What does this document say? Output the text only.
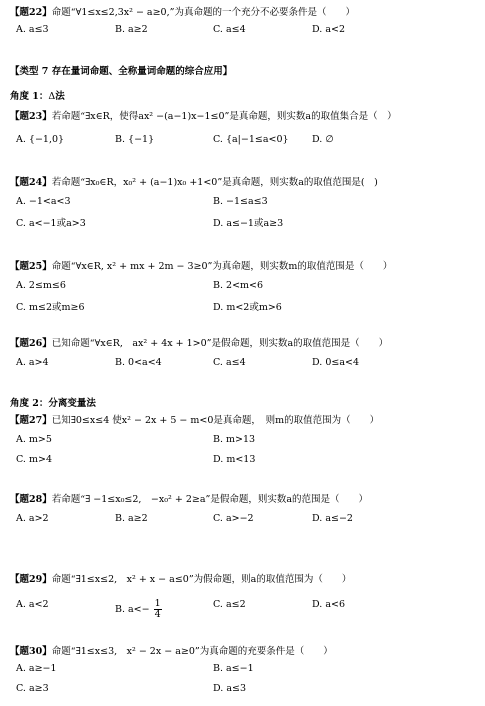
【题22】命题“∀1≤x≤2,3x² − a≥0,”为真命题的一个充分不必要条件是（　　）
A. a≤3	B. a≥2	C. a≤4	D. a<2
【类型 7 存在量词命题、全称量词命题的综合应用】
角度 1：Δ法
【题23】若命题“∃x∈R，使得ax² −(a−1)x−1≤0”是真命题，则实数a的取值集合是（　）
A. {−1,0}	B. {−1}	C. {a|−1≤a<0} D. ∅
【题24】若命题“∃x₀∈R，x₀² + (a−1)x₀ +1<0”是真命题，则实数a的取值范围是(　)
A. −1<a<3	B. −1≤a≤3
C. a<−1或a>3	D. a≤−1或a≥3
【题25】命题“∀x∈R, x² + mx + 2m − 3≥0”为真命题，则实数m的取值范围是（　　）
A. 2≤m≤6	B. 2<m<6
C. m≤2或m≥6	D. m<2或m>6
【题26】已知命题“∀x∈R,　ax² + 4x + 1>0”是假命题，则实数a的取值范围是（　　）
A. a>4	B. 0<a<4	C. a≤4	D. 0≤a<4
角度 2：分离变量法
【题27】已知∃0≤x≤4 使x² − 2x + 5 − m<0是真命题，　则m的取值范围为（　　）
A. m>5	B. m>13
C. m>4	D. m<13
【题28】若命题“∃ −1≤x₀≤2,　−x₀² + 2≥a”是假命题，则实数a的范围是（　　）
A. a>2	B. a≥2	C. a>−2	D. a≤−2
【题29】命题“∃1≤x≤2,　x² + x − a≤0”为假命题，则a的取值范围为（　　）
A. a<2	B. $a<- \frac{1}{4}$	C. a≤2	D. a<6
【题30】命题“∃1≤x≤3,　x² − 2x − a≥0”为真命题的充要条件是（　　）
A. a≥−1	B. a≤−1
C. a≥3	D. a≤3
